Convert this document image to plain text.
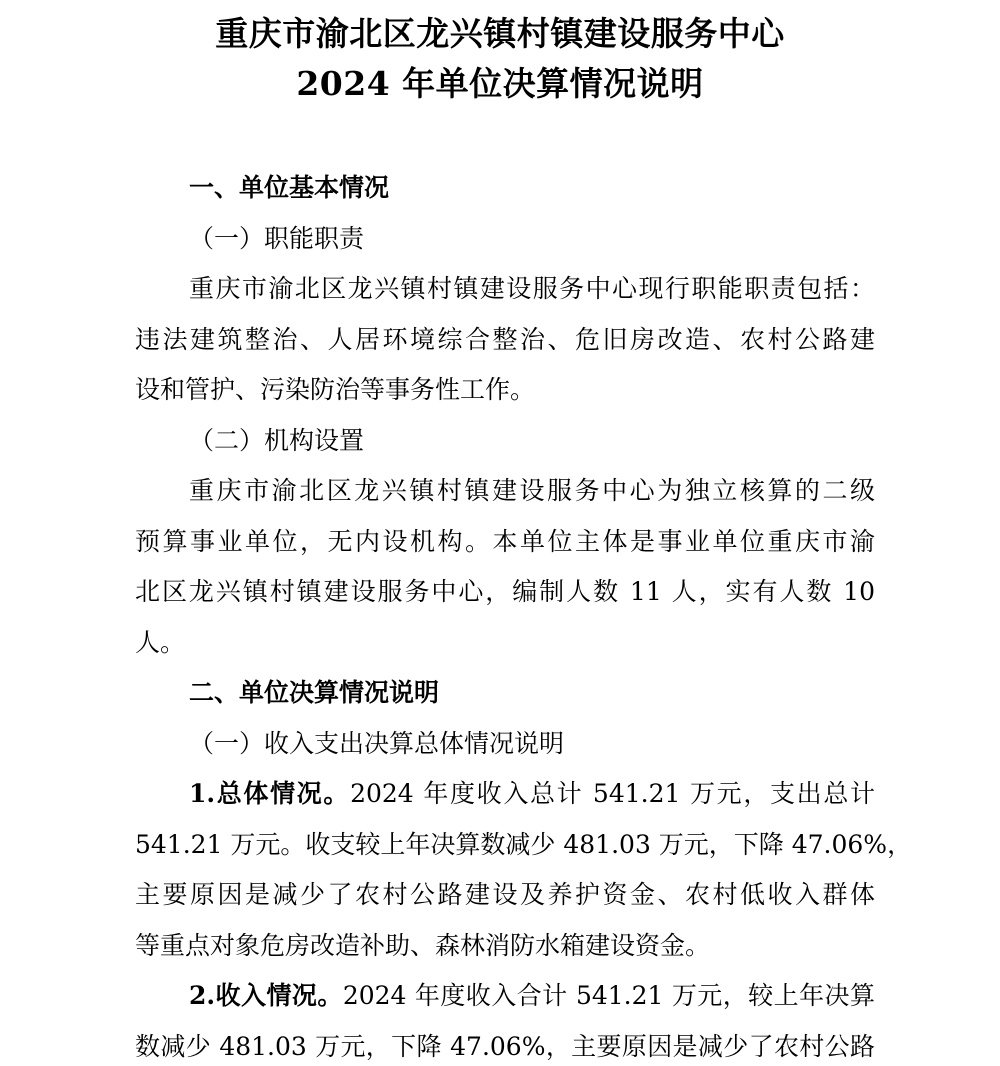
重庆市渝北区龙兴镇村镇建设服务中心
2024 年单位决算情况说明
一、单位基本情况
（一）职能职责
重庆市渝北区龙兴镇村镇建设服务中心现行职能职责包括：
违法建筑整治、人居环境综合整治、危旧房改造、农村公路建
设和管护、污染防治等事务性工作。
（二）机构设置
重庆市渝北区龙兴镇村镇建设服务中心为独立核算的二级
预算事业单位，无内设机构。本单位主体是事业单位重庆市渝
北区龙兴镇村镇建设服务中心，编制人数 11 人，实有人数 10
人。
二、单位决算情况说明
（一）收入支出决算总体情况说明
1.总体情况。2024 年度收入总计 541.21 万元，支出总计
541.21 万元。收支较上年决算数减少 481.03 万元，下降 47.06%，
主要原因是减少了农村公路建设及养护资金、农村低收入群体
等重点对象危房改造补助、森林消防水箱建设资金。
2.收入情况。2024 年度收入合计 541.21 万元，较上年决算
数减少 481.03 万元，下降 47.06%，主要原因是减少了农村公路
